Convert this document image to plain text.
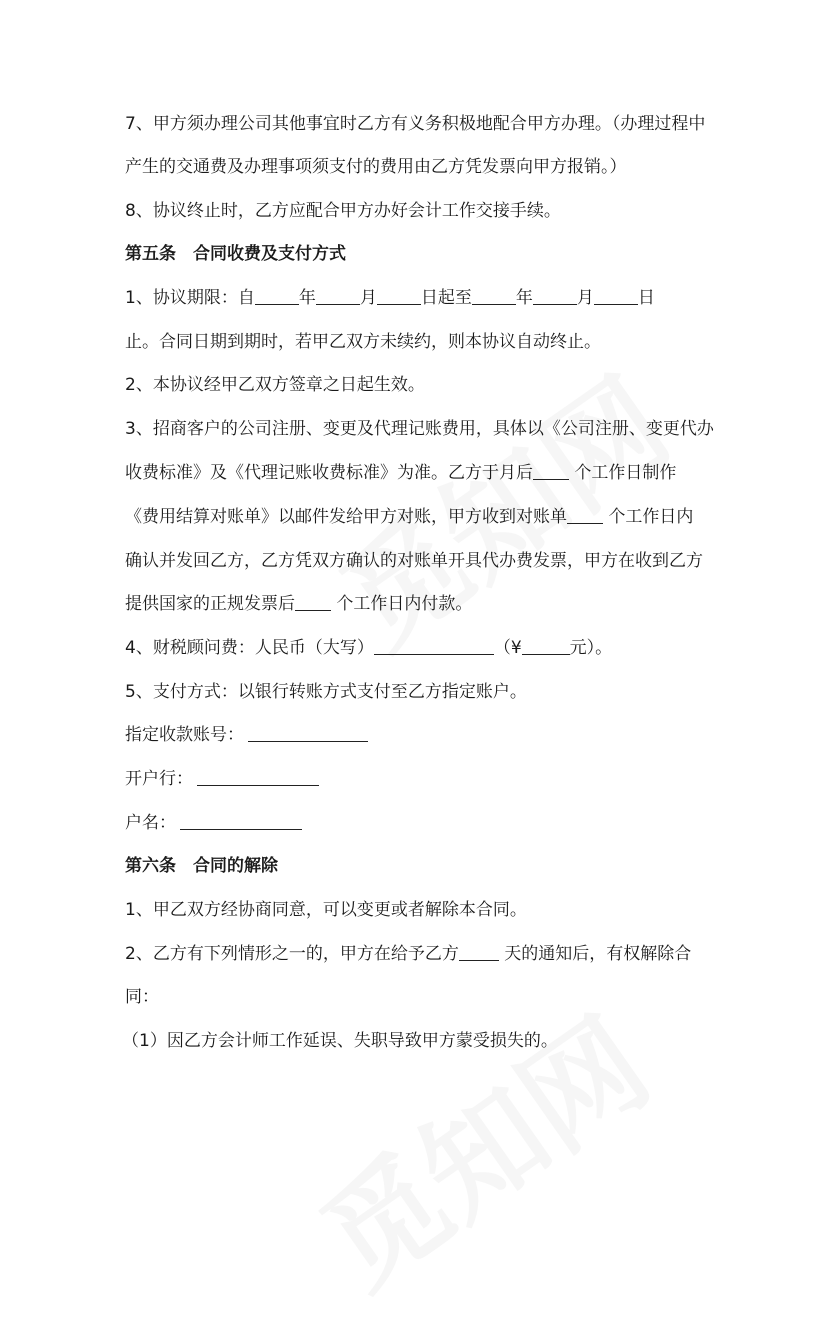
7、甲方须办理公司其他事宜时乙方有义务积极地配合甲方办理。（办理过程中
产生的交通费及办理事项须支付的费用由乙方凭发票向甲方报销。）
8、协议终止时，乙方应配合甲方办好会计工作交接手续。
第五条　合同收费及支付方式
1、协议期限：自	年	月	日起至	年	月	日
止。合同日期到期时，若甲乙双方未续约，则本协议自动终止。
2、本协议经甲乙双方签章之日起生效。
3、招商客户的公司注册、变更及代理记账费用，具体以《公司注册、变更代办
收费标准》及《代理记账收费标准》为准。乙方于月后 个工作日制作
《费用结算对账单》以邮件发给甲方对账，甲方收到对账单 个工作日内
确认并发回乙方，乙方凭双方确认的对账单开具代办费发票，甲方在收到乙方
提供国家的正规发票后 个工作日内付款。
4、财税顾问费：人民币（大写）	（¥	元）。
5、支付方式：以银行转账方式支付至乙方指定账户。
指定收款账号：
开户行：
户名：
第六条　合同的解除
1、甲乙双方经协商同意，可以变更或者解除本合同。
2、乙方有下列情形之一的，甲方在给予乙方 天的通知后，有权解除合
同：
（1）因乙方会计师工作延误、失职导致甲方蒙受损失的。
